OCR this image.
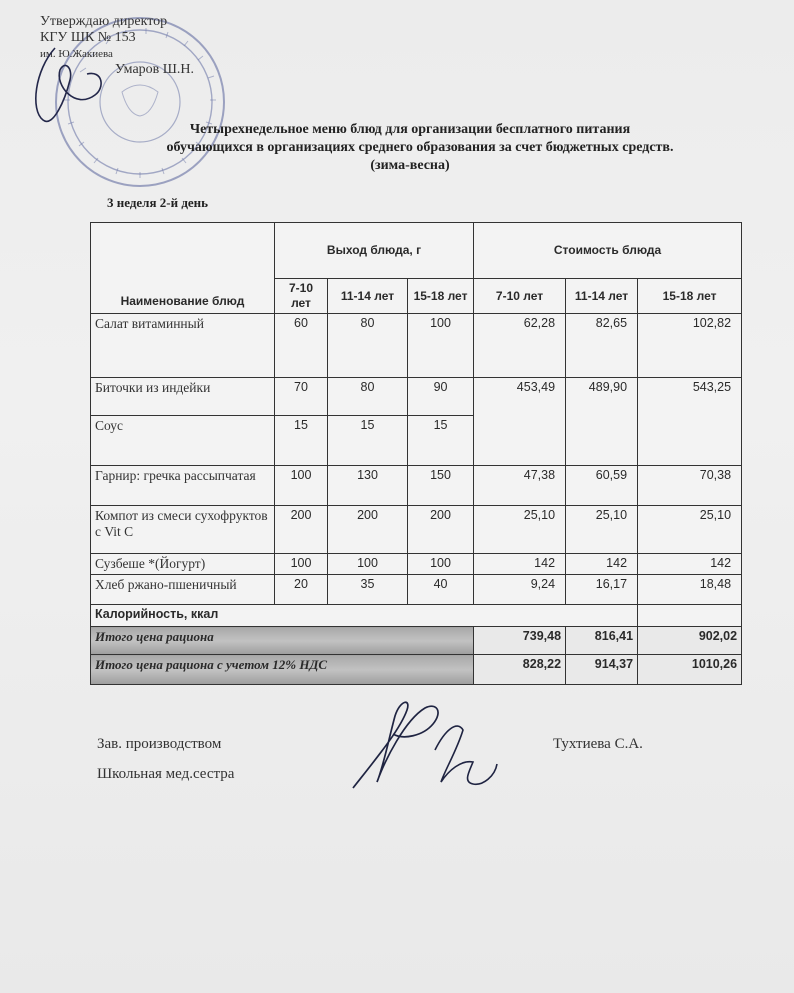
Утверждаю директор
КГУ ШК № 153
им. Ю.Жакиева
Умаров Ш.Н.
Четырехнедельное меню блюд для организации бесплатного питания
обучающихся в организациях среднего образования за счет бюджетных средств.
(зима-весна)
3 неделя 2-й день
Наименование блюд	Выход блюда, г			Стоимость блюда		
	7-10 лет	11-14 лет	15-18 лет	7-10 лет	11-14 лет	15-18 лет
Салат витаминный	60	80	100	62,28	82,65	102,82
Биточки из индейки	70	80	90	453,49	489,90	543,25
Соус	15	15	15			
Гарнир: гречка рассыпчатая	100	130	150	47,38	60,59	70,38
Компот из смеси сухофруктов с Vit C	200	200	200	25,10	25,10	25,10
Сузбеше *(Йогурт)	100	100	100	142	142	142
Хлеб ржано-пшеничный	20	35	40	9,24	16,17	18,48
Калорийность, ккал						
Итого цена рациона				739,48	816,41	902,02
Итого цена рациона с учетом 12% НДС				828,22	914,37	1010,26
Зав. производством
Школьная мед.сестра
Тухтиева С.А.
